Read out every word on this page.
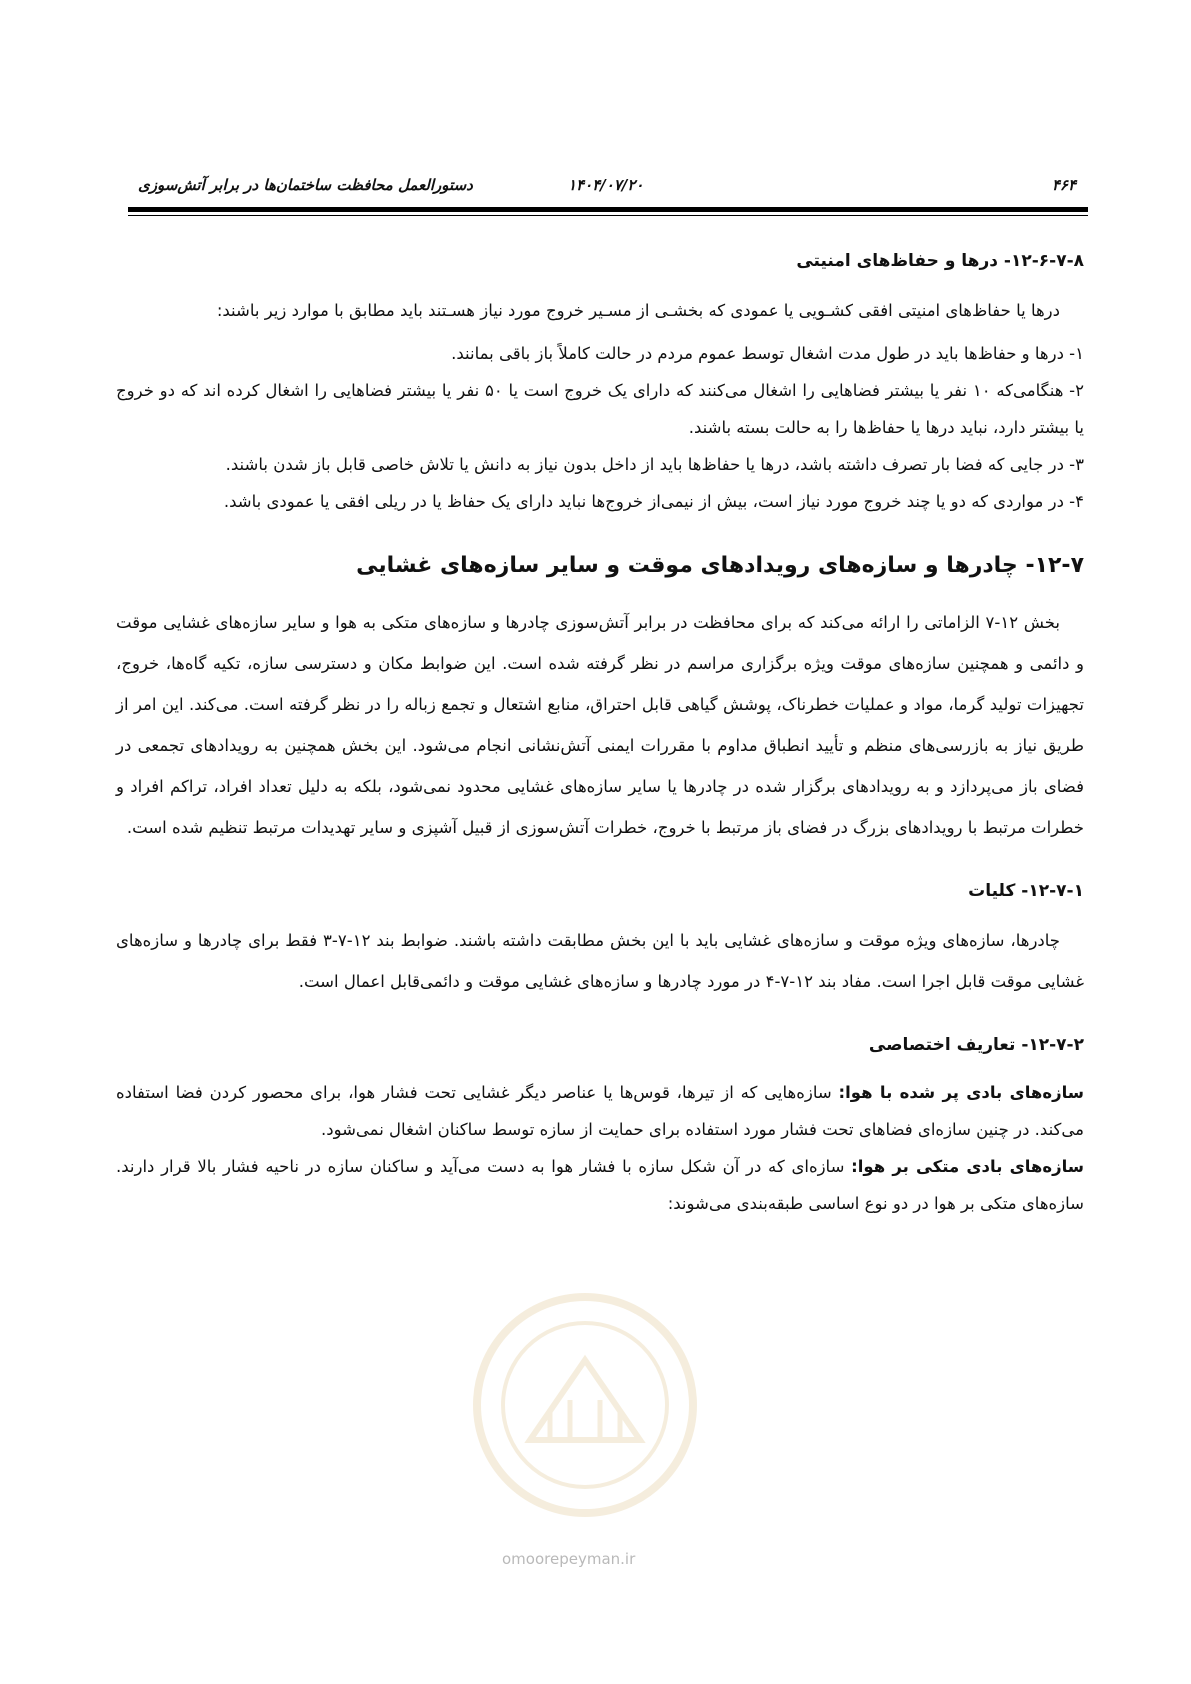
۴۶۴
۱۴۰۴/۰۷/۲۰
دستورالعمل محافظت ساختمان‌ها در برابر آتش‌سوزی
۱۲-۶-۷-۸- درها و حفاظ‌های امنیتی

درها یا حفاظ‌های امنیتی افقی کشـویی یا عمودی که بخشـی از مسـیر خروج مورد نیاز هسـتند باید مطابق با موارد زیر باشند:

۱- درها و حفاظ‌ها باید در طول مدت اشغال توسط عموم مردم در حالت کاملاً باز باقی بمانند.

۲- هنگامی‌که ۱۰ نفر یا بیشتر فضاهایی را اشغال می‌کنند که دارای یک خروج است یا ۵۰ نفر یا بیشتر فضاهایی را اشغال کرده اند که دو خروج یا بیشتر دارد، نباید درها یا حفاظ‌ها را به حالت بسته باشند.

۳- در جایی که فضا بار تصرف داشته باشد، درها یا حفاظ‌ها باید از داخل بدون نیاز به دانش یا تلاش خاصی قابل باز شدن باشند.

۴- در مواردی که دو یا چند خروج مورد نیاز است، بیش از نیمی‌از خروج‌ها نباید دارای یک حفاظ یا در ریلی افقی یا عمودی باشد.

۱۲-۷- چادرها و سازه‌های رویدادهای موقت و سایر سازه‌های غشایی

بخش ۱۲-۷ الزاماتی را ارائه می‌کند که برای محافظت در برابر آتش‌سوزی چادرها و سازه‌های متکی به هوا و سایر سازه‌های غشایی موقت و دائمی و همچنین سازه‌های موقت ویژه برگزاری مراسم در نظر گرفته شده است. این ضوابط مکان و دسترسی سازه، تکیه گاه‌ها، خروج، تجهیزات تولید گرما، مواد و عملیات خطرناک، پوشش گیاهی قابل احتراق، منابع اشتعال و تجمع زباله را در نظر گرفته است. می‌کند. این امر از طریق نیاز به بازرسی‌های منظم و تأیید انطباق مداوم با مقررات ایمنی آتش‌نشانی انجام می‌شود. این بخش همچنین به رویدادهای تجمعی در فضای باز می‌پردازد و به رویدادهای برگزار شده در چادرها یا سایر سازه‌های غشایی محدود نمی‌شود، بلکه به دلیل تعداد افراد، تراکم افراد و خطرات مرتبط با رویدادهای بزرگ در فضای باز مرتبط با خروج، خطرات آتش‌سوزی از قبیل آشپزی و سایر تهدیدات مرتبط تنظیم شده است.

۱۲-۷-۱- کلیات

چادرها، سازه‌های ویژه موقت و سازه‌های غشایی باید با این بخش مطابقت داشته باشند. ضوابط بند ۱۲-۷-۳ فقط برای چادرها و سازه‌های غشایی موقت قابل اجرا است. مفاد بند ۱۲-۷-۴ در مورد چادرها و سازه‌های غشایی موقت و دائمی‌قابل اعمال است.

۱۲-۷-۲- تعاریف اختصاصی

سازه‌های بادی پر شده با هوا: سازه‌هایی که از تیرها، قوس‌ها یا عناصر دیگر غشایی تحت فشار هوا، برای محصور کردن فضا استفاده می‌کند. در چنین سازه‌ای فضاهای تحت فشار مورد استفاده برای حمایت از سازه توسط ساکنان اشغال نمی‌شود.

سازه‌های بادی متکی بر هوا: سازه‌ای که در آن شکل سازه با فشار هوا به دست می‌آید و ساکنان سازه در ناحیه فشار بالا قرار دارند. سازه‌های متکی بر هوا در دو نوع اساسی طبقه‌بندی می‌شوند:

omoorepeyman.ir
